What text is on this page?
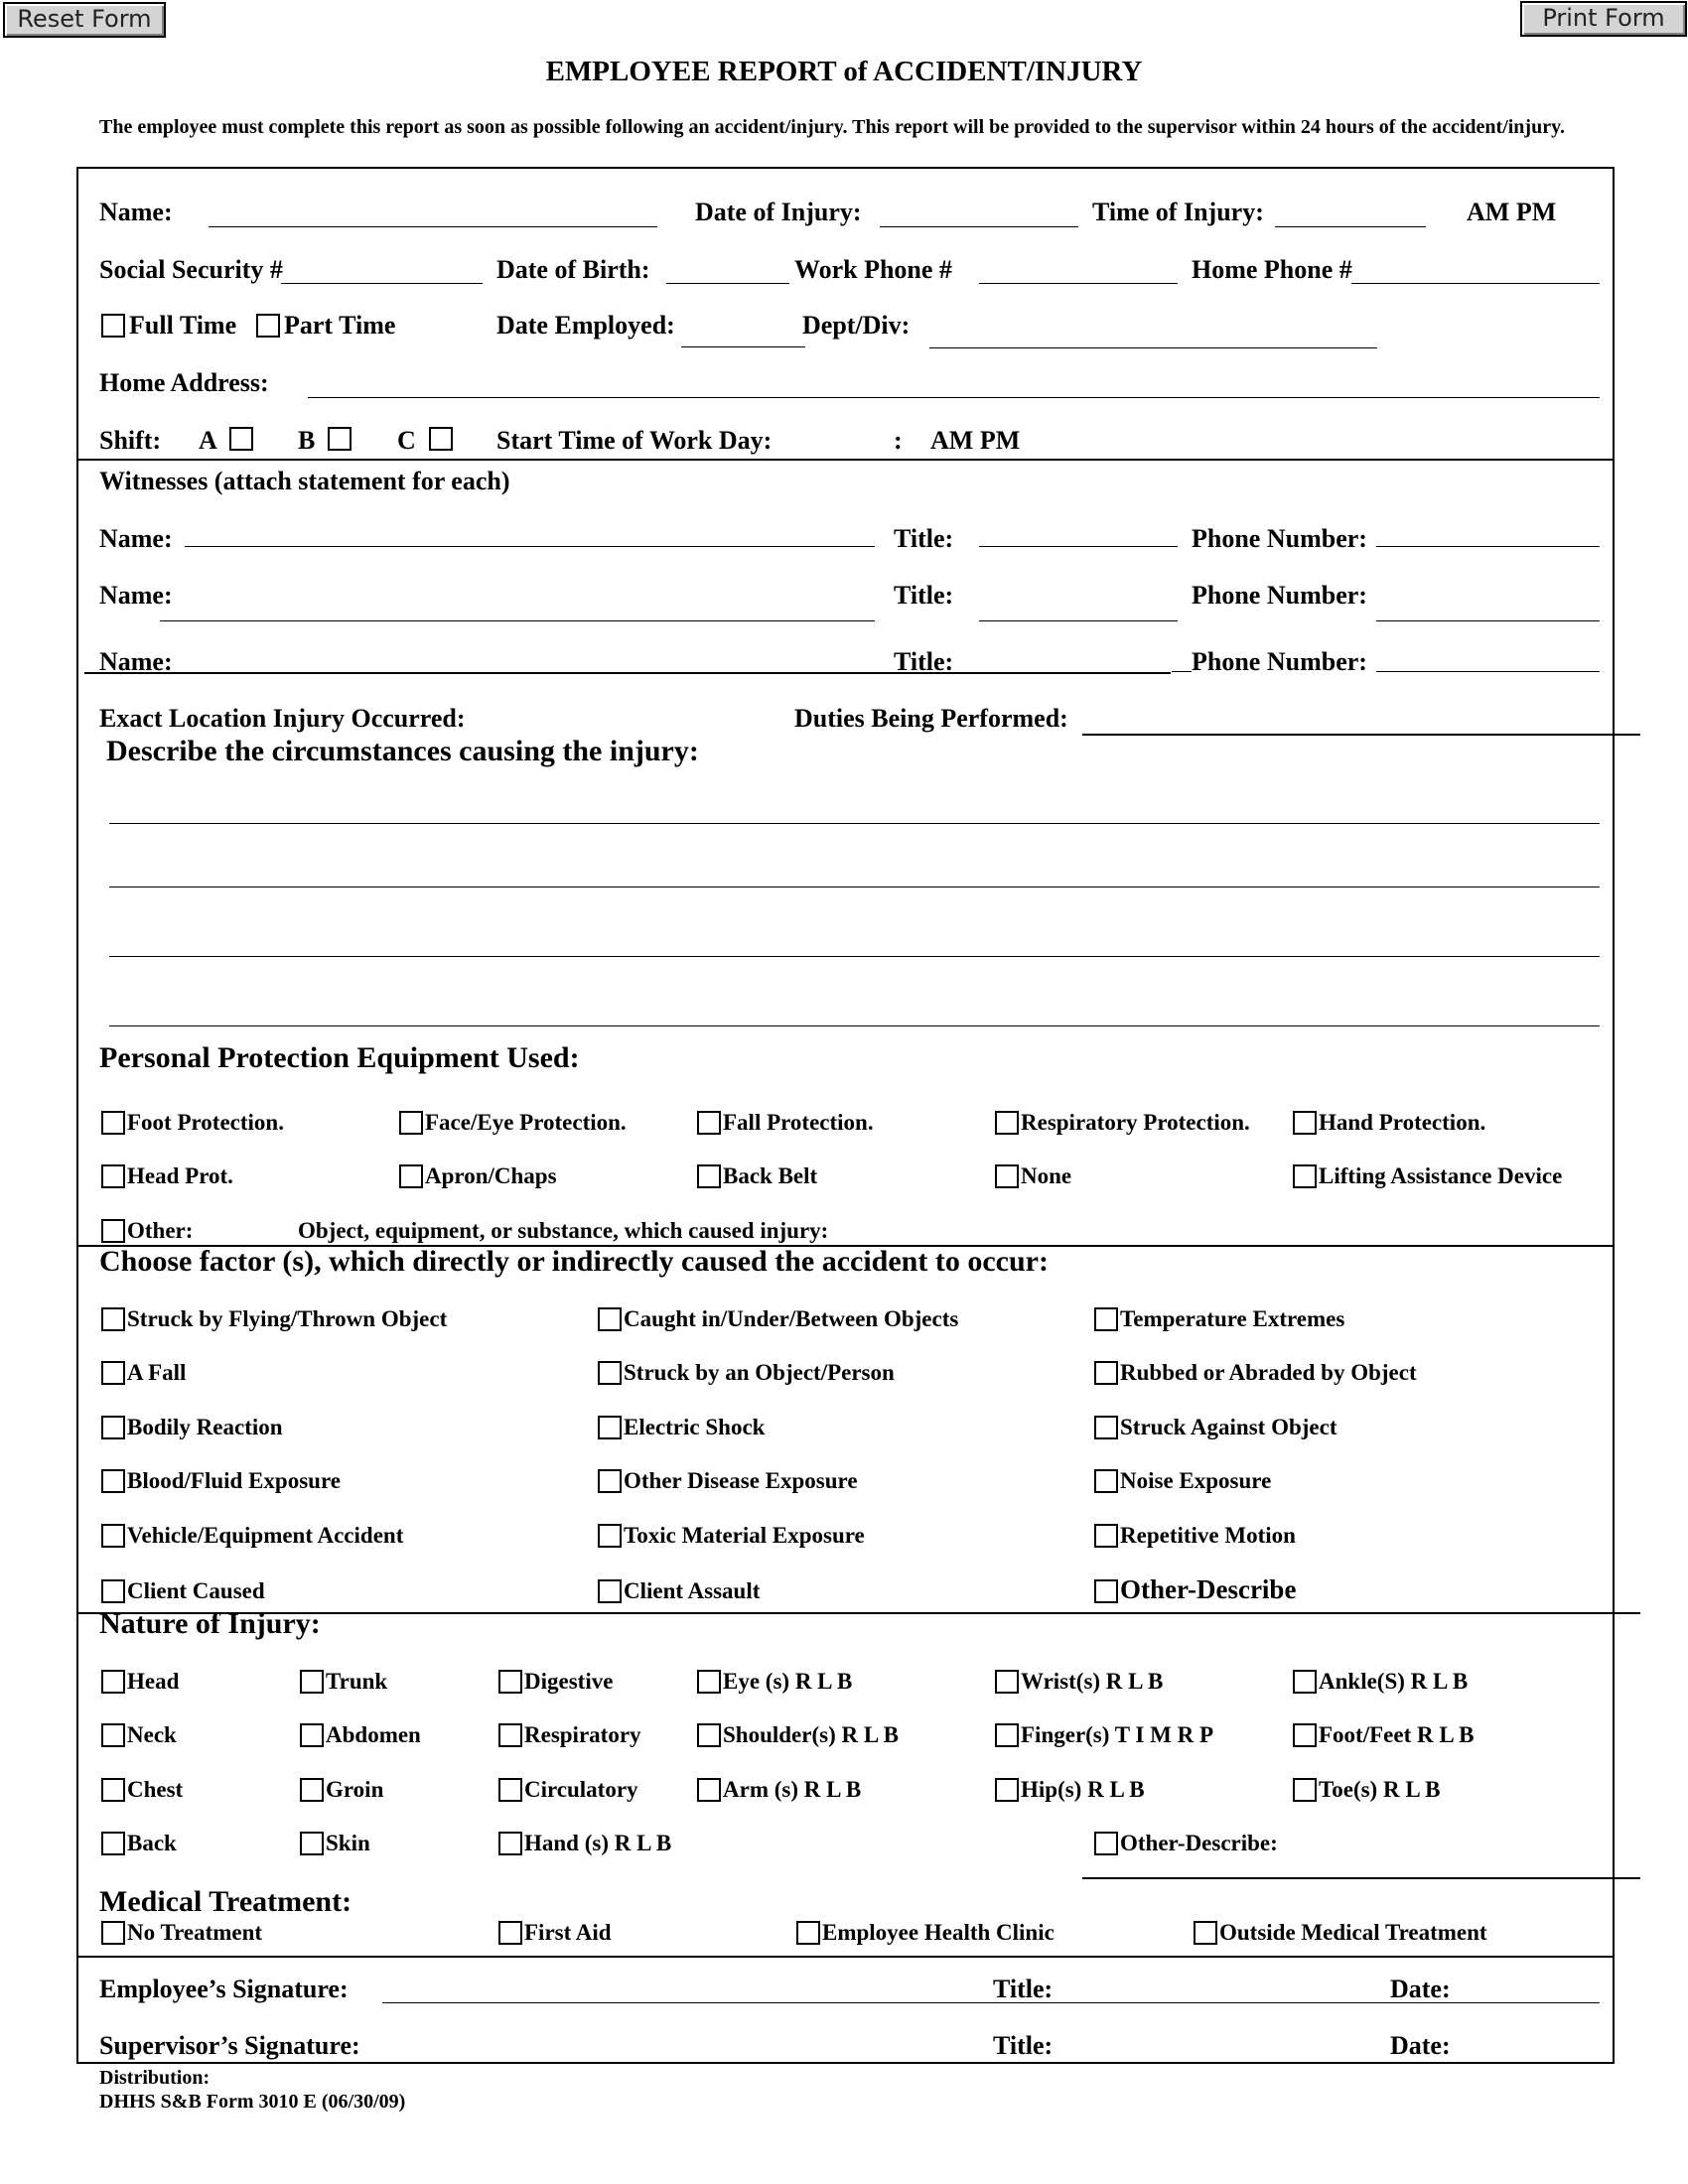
Reset Form	Print Form
EMPLOYEE REPORT of ACCIDENT/INJURY
The employee must complete this report as soon as possible following an accident/injury. This report will be provided to the supervisor within 24 hours of the accident/injury.
Name:	Date of Injury:	Time of Injury:	AM PM
Social Security #	Date of Birth:	Work Phone #	Home Phone #
Full Time Part Time	Date Employed:	Dept/Div:
Home Address:
Shift: A	B	C	Start Time of Work Day:	: AM PM
Witnesses (attach statement for each)
Name:	Title:	Phone Number:
Name:	Title:	Phone Number:
Name:	Title:	Phone Number:
Exact Location Injury Occurred:	Duties Being Performed:
Describe the circumstances causing the injury:
Personal Protection Equipment Used:
Foot Protection.	Face/Eye Protection.	Fall Protection.	Respiratory Protection.	Hand Protection.
Head Prot.	Apron/Chaps	Back Belt	None	Lifting Assistance Device
Other:	Object, equipment, or substance, which caused injury:
Choose factor (s), which directly or indirectly caused the accident to occur:
Struck by Flying/Thrown Object	Caught in/Under/Between Objects	Temperature Extremes
A Fall	Struck by an Object/Person	Rubbed or Abraded by Object
Bodily Reaction	Electric Shock	Struck Against Object
Blood/Fluid Exposure	Other Disease Exposure	Noise Exposure
Vehicle/Equipment Accident	Toxic Material Exposure	Repetitive Motion
Client Caused	Client Assault	Other-Describe
Nature of Injury:
Head	Trunk	Digestive	Eye (s) R L B	Wrist(s) R L B	Ankle(S) R L B
Neck	Abdomen	Respiratory	Shoulder(s) R L B	Finger(s) T I M R P	Foot/Feet R L B
Chest	Groin	Circulatory	Arm (s) R L B	Hip(s) R L B	Toe(s) R L B
Back	Skin	Hand (s) R L B	Other-Describe:
Medical Treatment:
No Treatment	First Aid	Employee Health Clinic	Outside Medical Treatment
Employee’s Signature:	Title:	Date:
Supervisor’s Signature:	Title:	Date:
Distribution:
DHHS S&B Form 3010 E (06/30/09)
